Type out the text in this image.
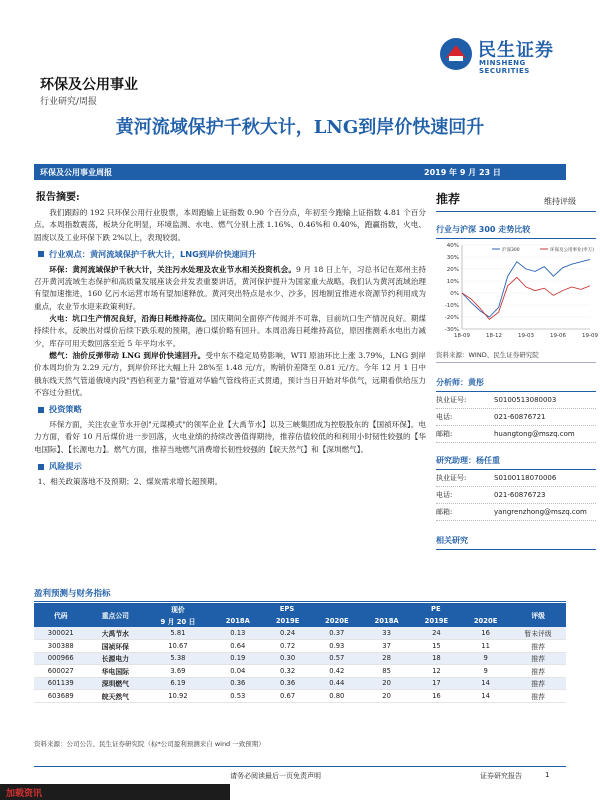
民生证券
MINSHENG SECURITIES
环保及公用事业
行业研究/周报
黄河流域保护千秋大计，LNG到岸价快速回升
环保及公用事业周报	2019 年 9 月 23 日
报告摘要:

我们跟踪的 192 只环保公用行业股票，本周跑输上证指数 0.90 个百分点，年初至今跑输上证指数 4.81 个百分点。本周指数震荡，板块分化明显，环境监测、水电、燃气分别上涨 1.16%、0.46%和 0.40%，跑赢指数，火电、固废以及工业环保下跌 2%以上，表现较弱。

行业观点：黄河流域保护千秋大计，LNG到岸价快速回升

环保：黄河流域保护千秋大计，关注污水处理及农业节水相关投资机会。9 月 18 日上午，习总书记在郑州主持召开黄河流域生态保护和高质量发展座谈会并发表重要讲话，黄河保护提升为国家重大战略。我们认为黄河流域治理有望加速推进，160 亿污水运营市场有望加速释放。黄河突出特点是水少、沙多，因地制宜推进水资源节约利用成为重点，农业节水迎来政策利好。

火电：坑口生产情况良好，沿海日耗维持高位。国庆期间全面停产传闻并不可靠，目前坑口生产情况良好。期煤持续什水，反映出对煤价后续下跌乐观的预期，港口煤价略有回升。本周沿海日耗维持高位，原因推测系水电出力减少，库存可用天数回落至近 5 年平均水平。

燃气：油价反弹带动 LNG 到岸价快速回升。受中东不稳定局势影响，WTI 原油环比上涨 3.79%，LNG 到岸价本周均价为 2.29 元/方，到岸价环比大幅上升 28%至 1.48 元/方，购销价差降至 0.81 元/方。今年 12 月 1 日中俄东线天然气管道俄境内段"西伯利亚力量"管道对华输气管线将正式贯通，预计当日开始对华供气，远期看供给压力不容过分担忧。

投资策略

环保方面，关注农业节水开创"元谋模式"的领军企业【大禹节水】以及三峡集团成为控股股东的【国祯环保】。电力方面，看好 10 月后煤价进一步回落，火电业绩的持续改善值得期待，推荐估值较低的和利用小时韧性较强的【华电国际】、【长源电力】。燃气方面，推荐当地燃气消费增长韧性较强的【皖天然气】和【深圳燃气】。

风险提示

1、相关政策落地不及预期；2、煤炭需求增长超预期。

推荐	维持评级
行业与沪深 300 走势比较
40%
30%
20%
10%
0%
-10%
-20%
-30%
18-09	18-12	19-03	19-06	19-09
沪深300	环保及公用事业(申万)
资料来源：WIND、民生证券研究院
分析师：黄彤
执业证号:	S0100513080003
电话:	021-60876721
邮箱:	huangtong@mszq.com
研究助理：杨任重
执业证号:	S0100118070006
电话:	021-60876723
邮箱:	yangrenzhong@mszq.com
相关研究
盈利预测与财务指标
代码	重点公司	现价	EPS			PE			评级
		9 月 20 日	2018A	2019E	2020E	2018A	2019E	2020E	
300021	大禹节水	5.81	0.13	0.24	0.37	33	24	16	暂未评级
300388	国祯环保	10.67	0.64	0.72	0.93	37	15	11	推荐
000966	长源电力	5.38	0.19	0.30	0.57	28	18	9	推荐
600027	华电国际	3.69	0.04	0.32	0.42	85	12	9	推荐
601139	深圳燃气	6.19	0.36	0.36	0.44	20	17	14	推荐
603689	皖天然气	10.92	0.53	0.67	0.80	20	16	14	推荐
资料来源：公司公告、民生证券研究院（标*公司盈利预测来自 wind 一致预期）
请务必阅读最后一页免责声明	证券研究报告	1
加载资讯
